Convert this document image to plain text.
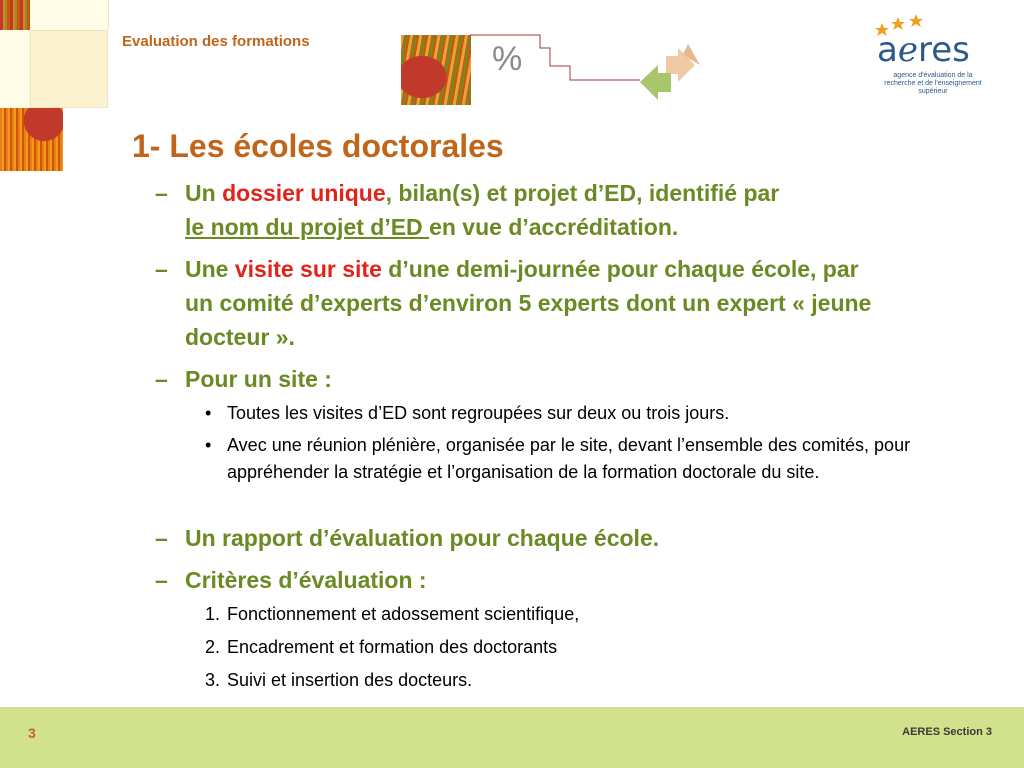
Evaluation des formations	%	aeres
agence d'évaluation de la recherche et de l'enseignement supérieur
1- Les écoles doctorales
– Un dossier unique, bilan(s) et projet d’ED, identifié par
le nom du projet d’ED en vue d’accréditation.
– Une visite sur site d’une demi-journée pour chaque école, par un comité d’experts d’environ 5 experts dont un expert « jeune docteur ».
– Pour un site :
• Toutes les visites d’ED sont regroupées sur deux ou trois jours.
• Avec une réunion plénière, organisée par le site, devant l’ensemble des comités, pour appréhender la stratégie et l’organisation de la formation doctorale du site.
– Un rapport d’évaluation pour chaque école.
– Critères d’évaluation :
1. Fonctionnement et adossement scientifique,
2. Encadrement et formation des doctorants
3. Suivi et insertion des docteurs.
3	AERES Section 3
